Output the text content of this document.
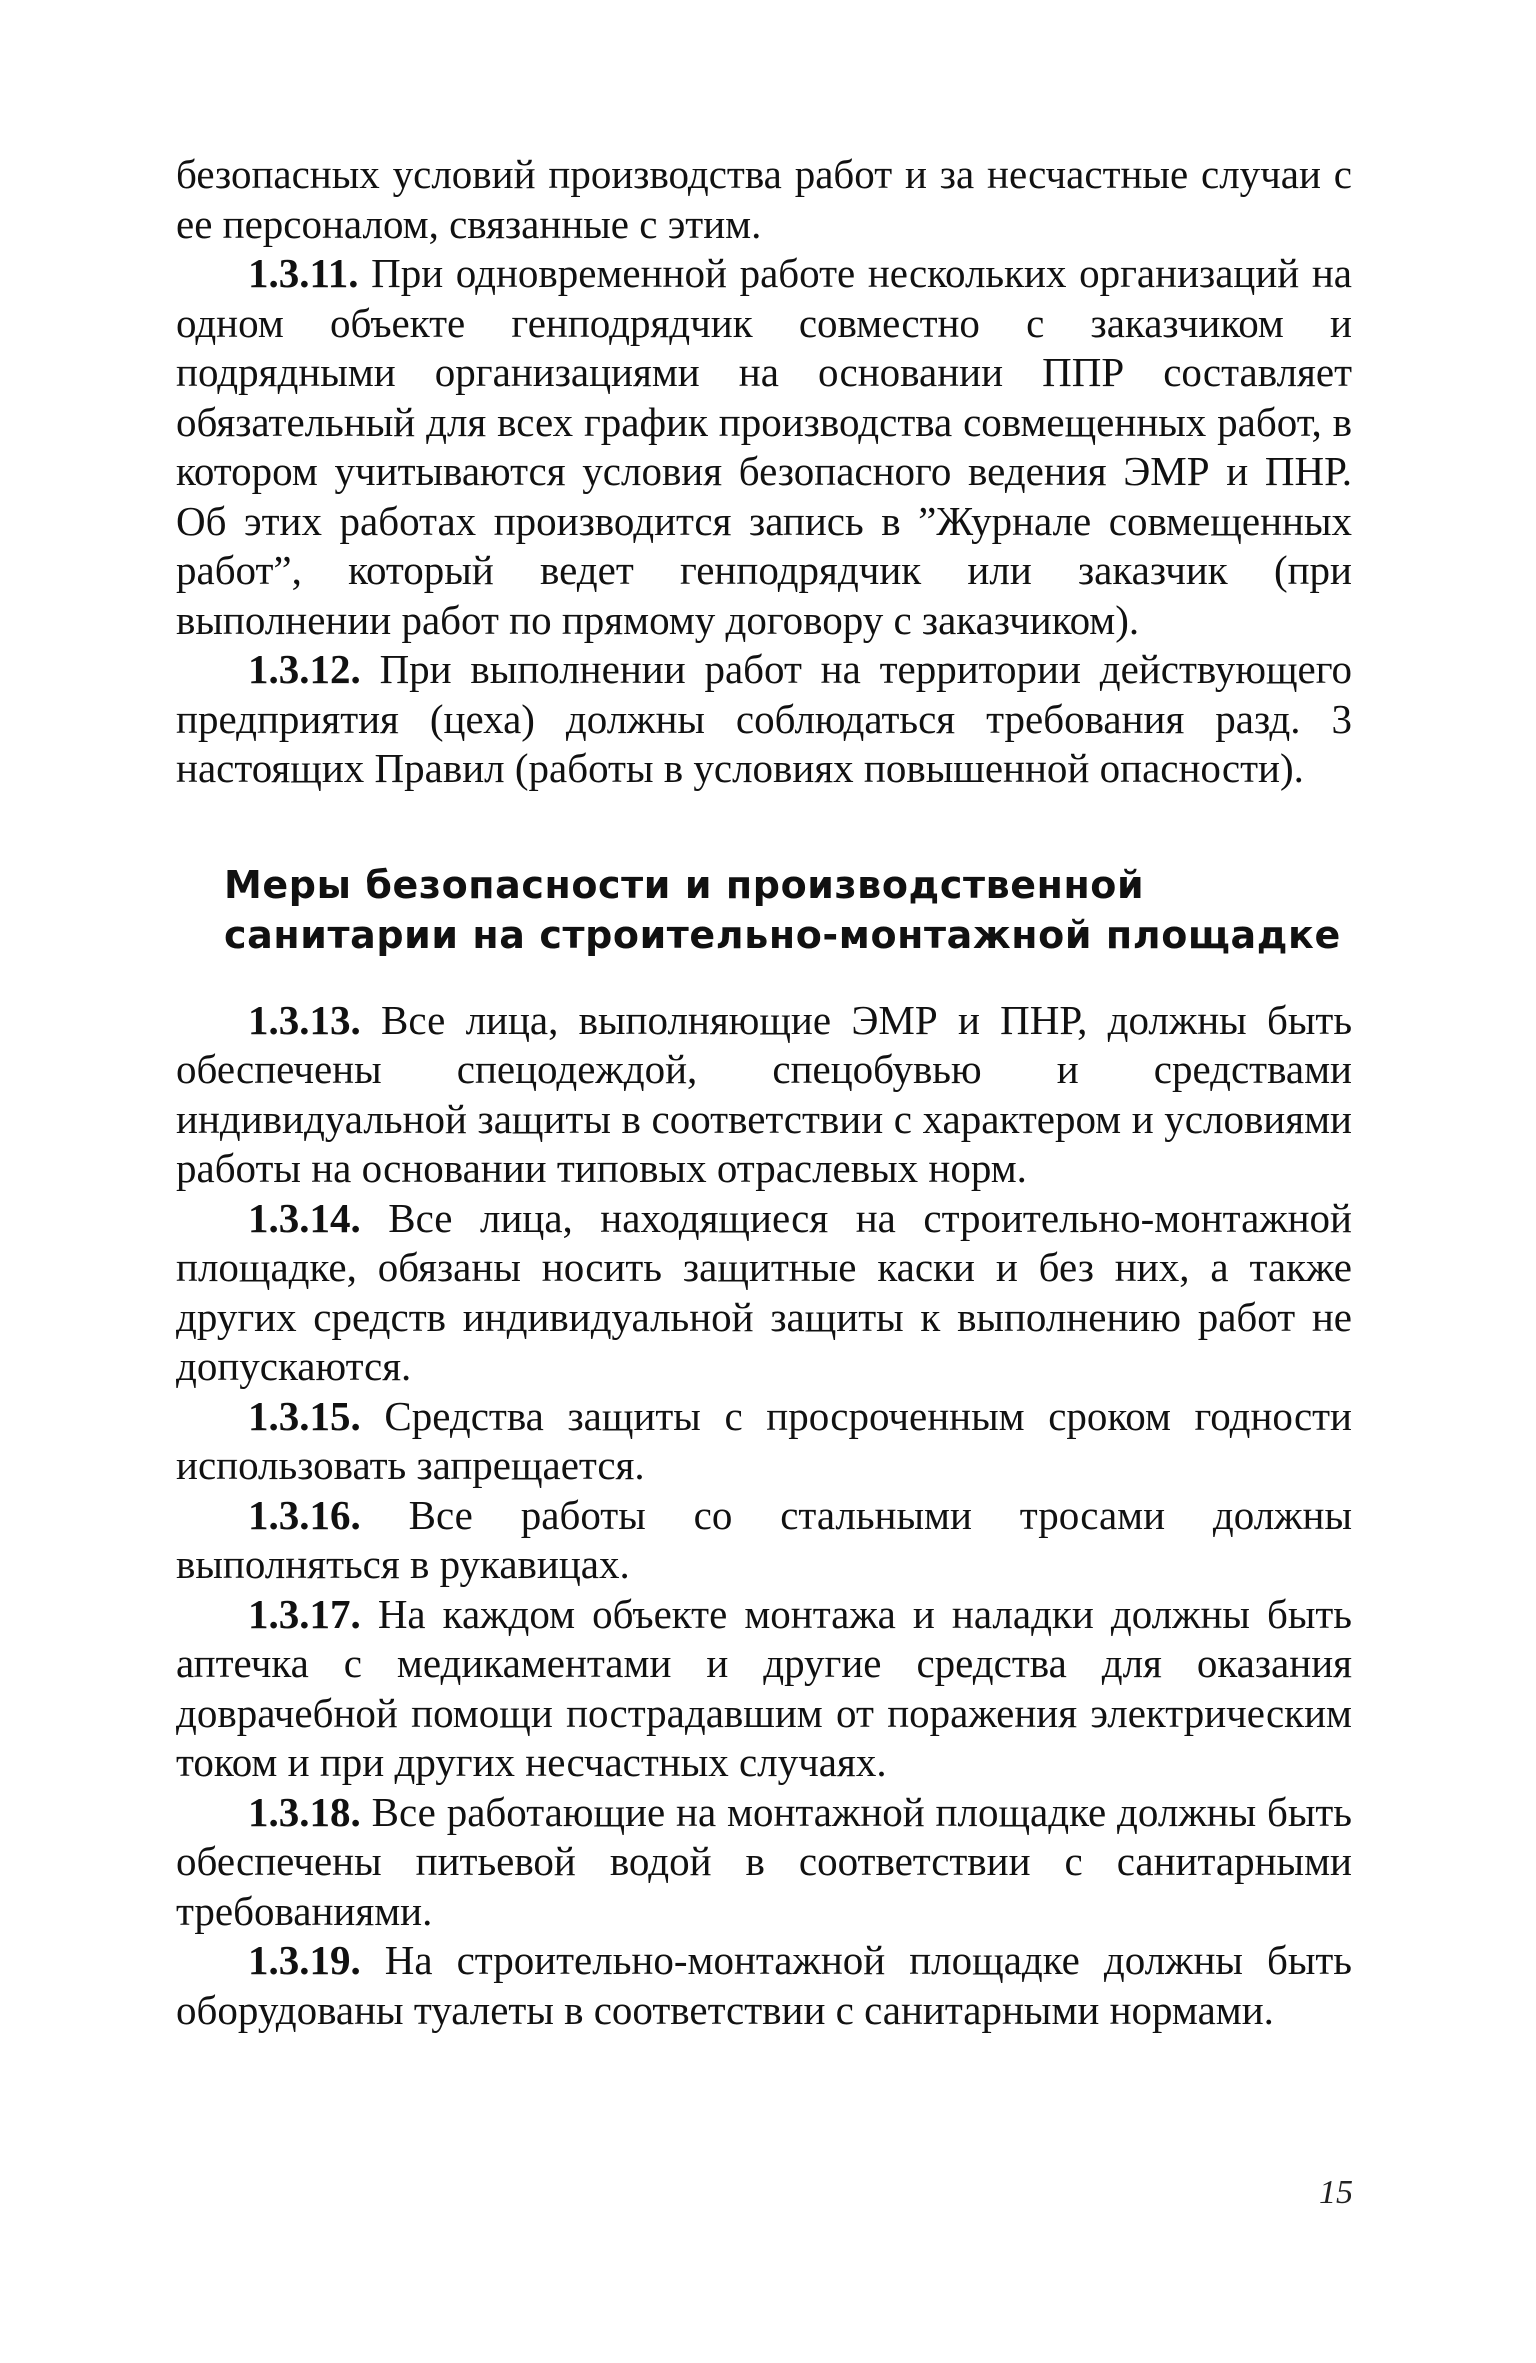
безопасных условий производства работ и за несчастные случаи с ее персоналом, связанные с этим.

1.3.11. При одновременной работе нескольких организаций на одном объекте генподрядчик совместно с заказчиком и подрядными организациями на основании ППР составляет обязательный для всех график производства совмещенных работ, в котором учитываются условия безопасного ведения ЭМР и ПНР. Об этих работах производится запись в ”Журнале совмещенных работ”, который ведет генподрядчик или заказчик (при выполнении работ по прямому договору с заказчиком).

1.3.12. При выполнении работ на территории действующего предприятия (цеха) должны соблюдаться требования разд. 3 настоящих Правил (работы в условиях повышенной опасности).

Меры безопасности и производственной
санитарии на строительно-монтажной площадке

1.3.13. Все лица, выполняющие ЭМР и ПНР, должны быть обеспечены спецодеждой, спецобувью и средствами индивидуальной защиты в соответствии с характером и условиями работы на основании типовых отраслевых норм.

1.3.14. Все лица, находящиеся на строительно-монтажной площадке, обязаны носить защитные каски и без них, а также других средств индивидуальной защиты к выполнению работ не допускаются.

1.3.15. Средства защиты с просроченным сроком годности использовать запрещается.

1.3.16. Все работы со стальными тросами должны выполняться в рукавицах.

1.3.17. На каждом объекте монтажа и наладки должны быть аптечка с медикаментами и другие средства для оказания доврачебной помощи пострадавшим от поражения электрическим током и при других несчастных случаях.

1.3.18. Все работающие на монтажной площадке должны быть обеспечены питьевой водой в соответствии с санитарными требованиями.

1.3.19. На строительно-монтажной площадке должны быть оборудованы туалеты в соответствии с санитарными нормами.

15
